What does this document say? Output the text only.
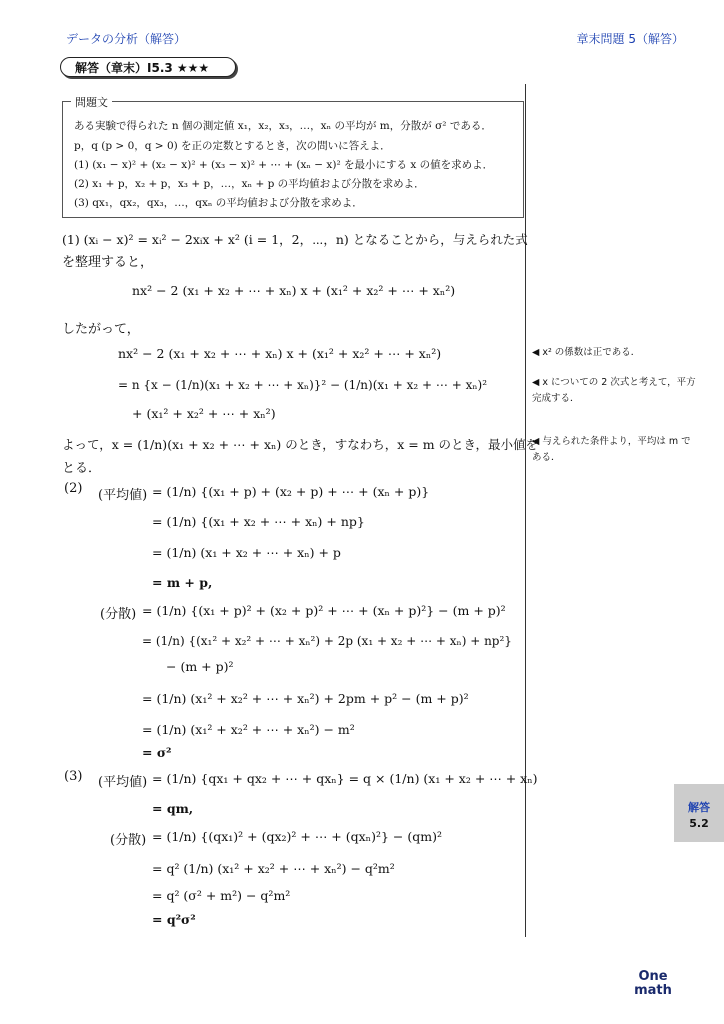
データの分析（解答）	章末問題 5（解答）
解答（章末）I5.3 ★★★
問題文
ある実験で得られた n 個の測定値 x₁，x₂，x₃，…，xₙ の平均が m，分散が σ² である．
p，q (p > 0，q > 0) を正の定数とするとき，次の問いに答えよ．
(1) (x₁ − x)² + (x₂ − x)² + (x₃ − x)² + ⋯ + (xₙ − x)² を最小にする x の値を求めよ．
(2) x₁ + p，x₂ + p，x₃ + p，…，xₙ + p の平均値および分散を求めよ．
(3) qx₁，qx₂，qx₃，…，qxₙ の平均値および分散を求めよ．
(1) (xᵢ − x)² = xᵢ² − 2xᵢx + x² (i = 1，2，⋯，n) となることから，与えられた式
を整理すると，
nx² − 2 (x₁ + x₂ + ⋯ + xₙ) x + (x₁² + x₂² + ⋯ + xₙ²)
したがって，
nx² − 2 (x₁ + x₂ + ⋯ + xₙ) x + (x₁² + x₂² + ⋯ + xₙ²)
= n {x − (1/n)(x₁ + x₂ + ⋯ + xₙ)}² − (1/n)(x₁ + x₂ + ⋯ + xₙ)²
+ (x₁² + x₂² + ⋯ + xₙ²)
よって，x = (1/n)(x₁ + x₂ + ⋯ + xₙ) のとき，すなわち，x = m のとき，最小値を
とる．
(2) (平均値) = (1/n) {(x₁ + p) + (x₂ + p) + ⋯ + (xₙ + p)}
= (1/n) {(x₁ + x₂ + ⋯ + xₙ) + np}
= (1/n) (x₁ + x₂ + ⋯ + xₙ) + p
= m + p,
(分散) = (1/n) {(x₁ + p)² + (x₂ + p)² + ⋯ + (xₙ + p)²} − (m + p)²
= (1/n) {(x₁² + x₂² + ⋯ + xₙ²) + 2p (x₁ + x₂ + ⋯ + xₙ) + np²}
− (m + p)²
= (1/n) (x₁² + x₂² + ⋯ + xₙ²) + 2pm + p² − (m + p)²
= (1/n) (x₁² + x₂² + ⋯ + xₙ²) − m²
= σ²
(3) (平均値) = (1/n) {qx₁ + qx₂ + ⋯ + qxₙ} = q × (1/n) (x₁ + x₂ + ⋯ + xₙ)
= qm,
(分散) = (1/n) {(qx₁)² + (qx₂)² + ⋯ + (qxₙ)²} − (qm)²
= q² (1/n) (x₁² + x₂² + ⋯ + xₙ²) − q²m²
= q² (σ² + m²) − q²m²
= q²σ²
◀ x² の係数は正である．
◀ x についての 2 次式と考えて，平方完成する．
◀ 与えられた条件より，平均は m である．
解答
5.2
One
math
